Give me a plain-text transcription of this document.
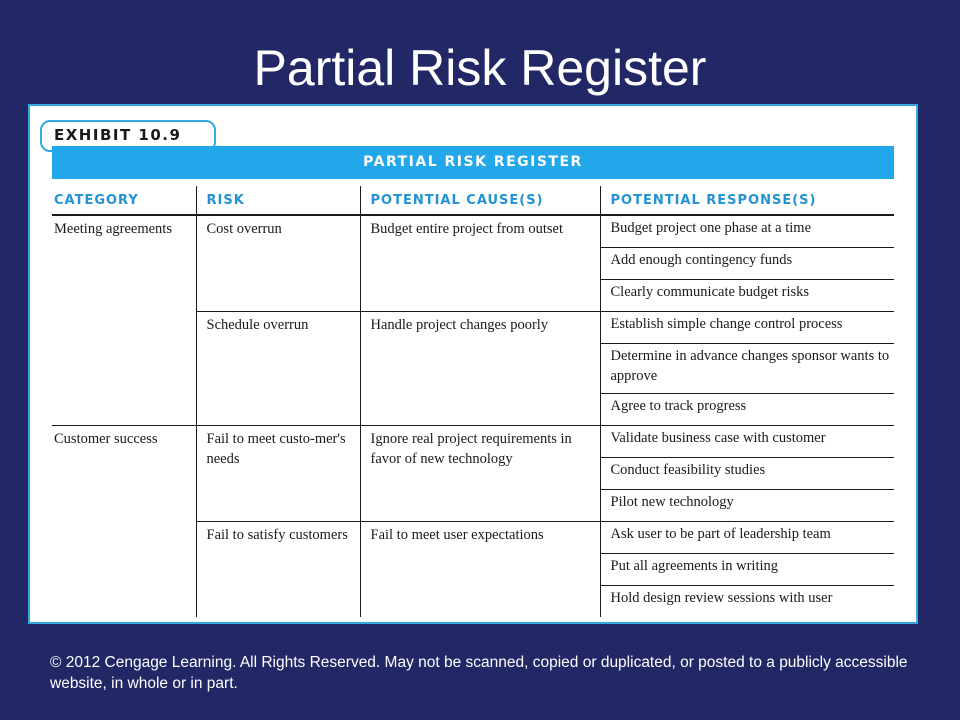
Partial Risk Register
EXHIBIT 10.9
PARTIAL RISK REGISTER
CATEGORY	RISK	POTENTIAL CAUSE(S)	POTENTIAL RESPONSE(S)
Meeting agreements	Cost overrun	Budget entire project from outset	Budget project one phase at a time
			Add enough contingency funds
			Clearly communicate budget risks
	Schedule overrun	Handle project changes poorly	Establish simple change control process
			Determine in advance changes sponsor wants to approve
			Agree to track progress
Customer success	Fail to meet custo-mer's needs	Ignore real project requirements in favor of new technology	Validate business case with customer
			Conduct feasibility studies
			Pilot new technology
	Fail to satisfy customers	Fail to meet user expectations	Ask user to be part of leadership team
			Put all agreements in writing
			Hold design review sessions with user
© 2012 Cengage Learning. All Rights Reserved. May not be scanned, copied or duplicated, or posted to a publicly accessible website, in whole or in part.
